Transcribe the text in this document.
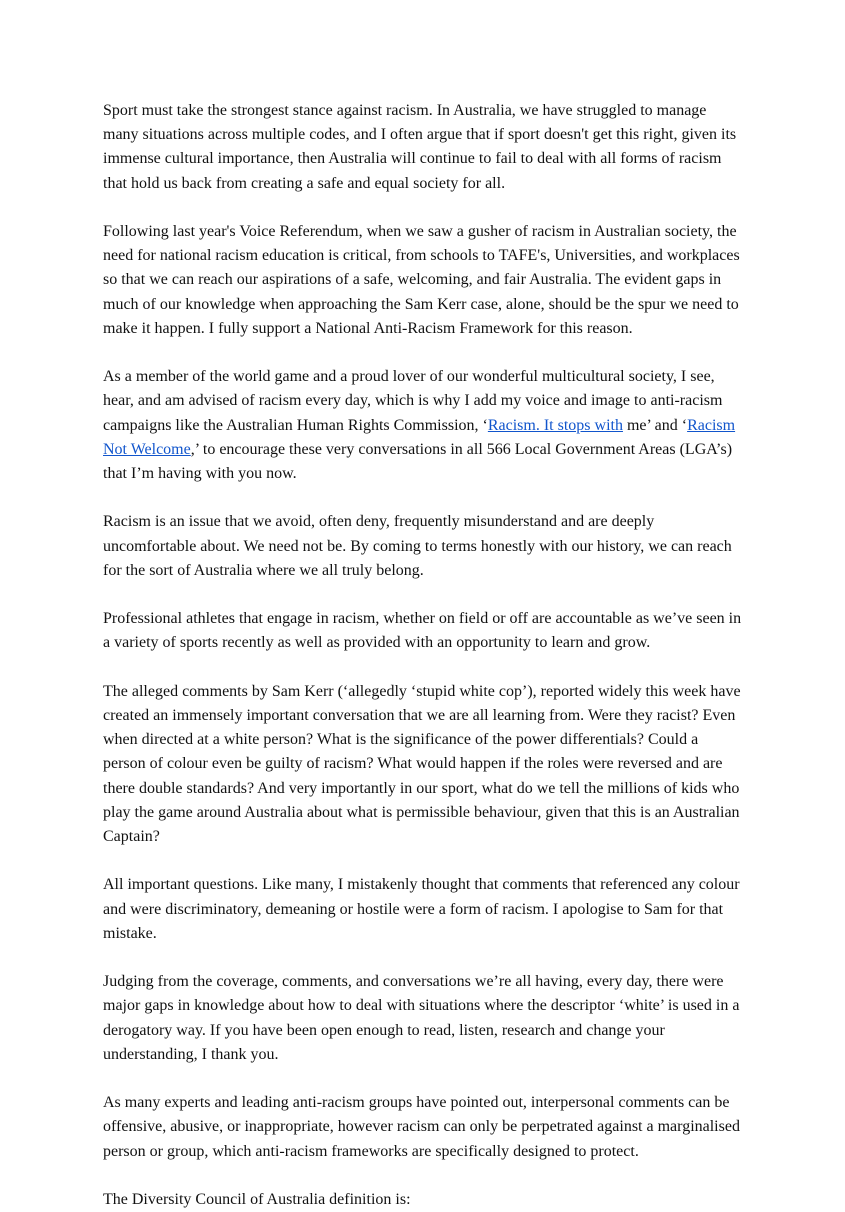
Sport must take the strongest stance against racism. In Australia, we have struggled to manage many situations across multiple codes, and I often argue that if sport doesn't get this right, given its immense cultural importance, then Australia will continue to fail to deal with all forms of racism that hold us back from creating a safe and equal society for all.

Following last year's Voice Referendum, when we saw a gusher of racism in Australian society, the need for national racism education is critical, from schools to TAFE's, Universities, and workplaces so that we can reach our aspirations of a safe, welcoming, and fair Australia. The evident gaps in much of our knowledge when approaching the Sam Kerr case, alone, should be the spur we need to make it happen. I fully support a National Anti-Racism Framework for this reason.

As a member of the world game and a proud lover of our wonderful multicultural society, I see, hear, and am advised of racism every day, which is why I add my voice and image to anti-racism campaigns like the Australian Human Rights Commission, ‘Racism. It stops with me’ and ‘Racism Not Welcome,’ to encourage these very conversations in all 566 Local Government Areas (LGA’s) that I’m having with you now.

Racism is an issue that we avoid, often deny, frequently misunderstand and are deeply uncomfortable about. We need not be. By coming to terms honestly with our history, we can reach for the sort of Australia where we all truly belong.

Professional athletes that engage in racism, whether on field or off are accountable as we’ve seen in a variety of sports recently as well as provided with an opportunity to learn and grow.

The alleged comments by Sam Kerr (‘allegedly ‘stupid white cop’), reported widely this week have created an immensely important conversation that we are all learning from. Were they racist? Even when directed at a white person? What is the significance of the power differentials? Could a person of colour even be guilty of racism? What would happen if the roles were reversed and are there double standards? And very importantly in our sport, what do we tell the millions of kids who play the game around Australia about what is permissible behaviour, given that this is an Australian Captain?

All important questions. Like many, I mistakenly thought that comments that referenced any colour and were discriminatory, demeaning or hostile were a form of racism. I apologise to Sam for that mistake.

Judging from the coverage, comments, and conversations we’re all having, every day, there were major gaps in knowledge about how to deal with situations where the descriptor ‘white’ is used in a derogatory way. If you have been open enough to read, listen, research and change your understanding, I thank you.

As many experts and leading anti-racism groups have pointed out, interpersonal comments can be offensive, abusive, or inappropriate, however racism can only be perpetrated against a marginalised person or group, which anti-racism frameworks are specifically designed to protect.

The Diversity Council of Australia definition is:
